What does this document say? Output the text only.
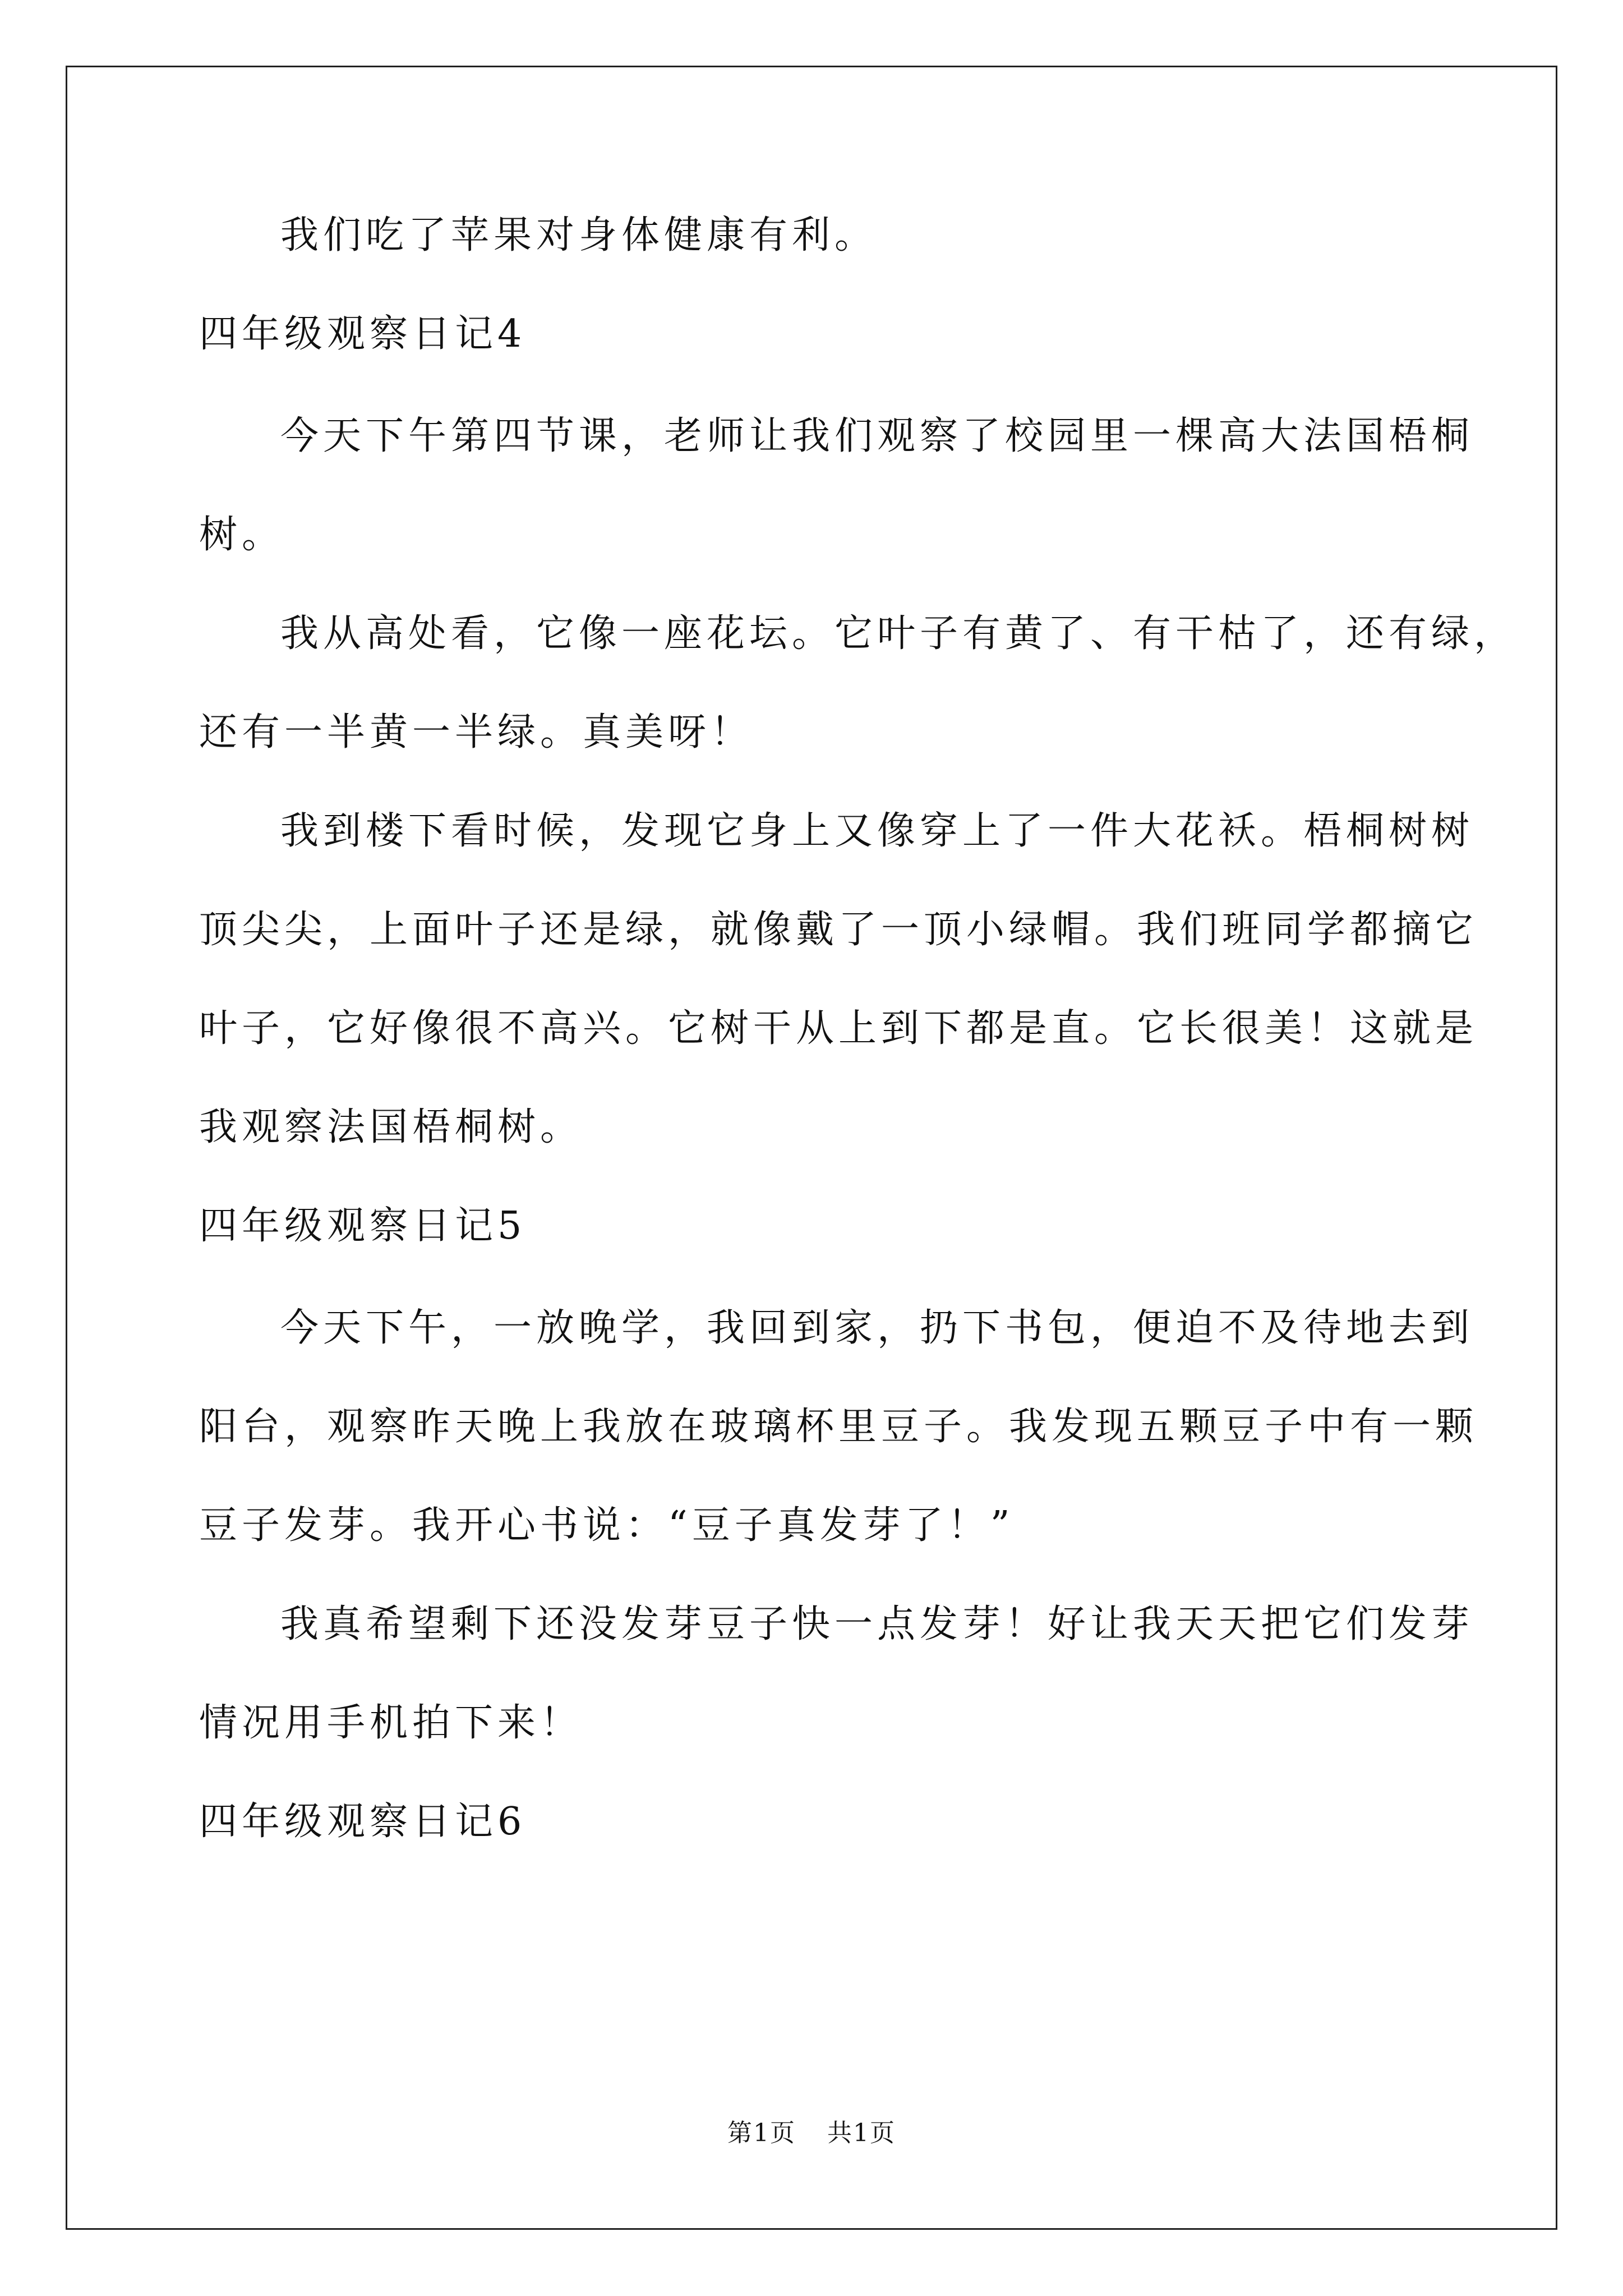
我们吃了苹果对身体健康有利。
四年级观察日记4
今天下午第四节课，老师让我们观察了校园里一棵高大法国梧桐
树。
我从高处看，它像一座花坛。它叶子有黄了、有干枯了，还有绿，
还有一半黄一半绿。真美呀！
我到楼下看时候，发现它身上又像穿上了一件大花袄。梧桐树树
顶尖尖，上面叶子还是绿，就像戴了一顶小绿帽。我们班同学都摘它
叶子，它好像很不高兴。它树干从上到下都是直。它长很美！这就是
我观察法国梧桐树。
四年级观察日记5
今天下午，一放晚学，我回到家，扔下书包，便迫不及待地去到
阳台，观察昨天晚上我放在玻璃杯里豆子。我发现五颗豆子中有一颗
豆子发芽。我开心书说：“豆子真发芽了！”
我真希望剩下还没发芽豆子快一点发芽！好让我天天把它们发芽
情况用手机拍下来！
四年级观察日记6
第1页 共1页
